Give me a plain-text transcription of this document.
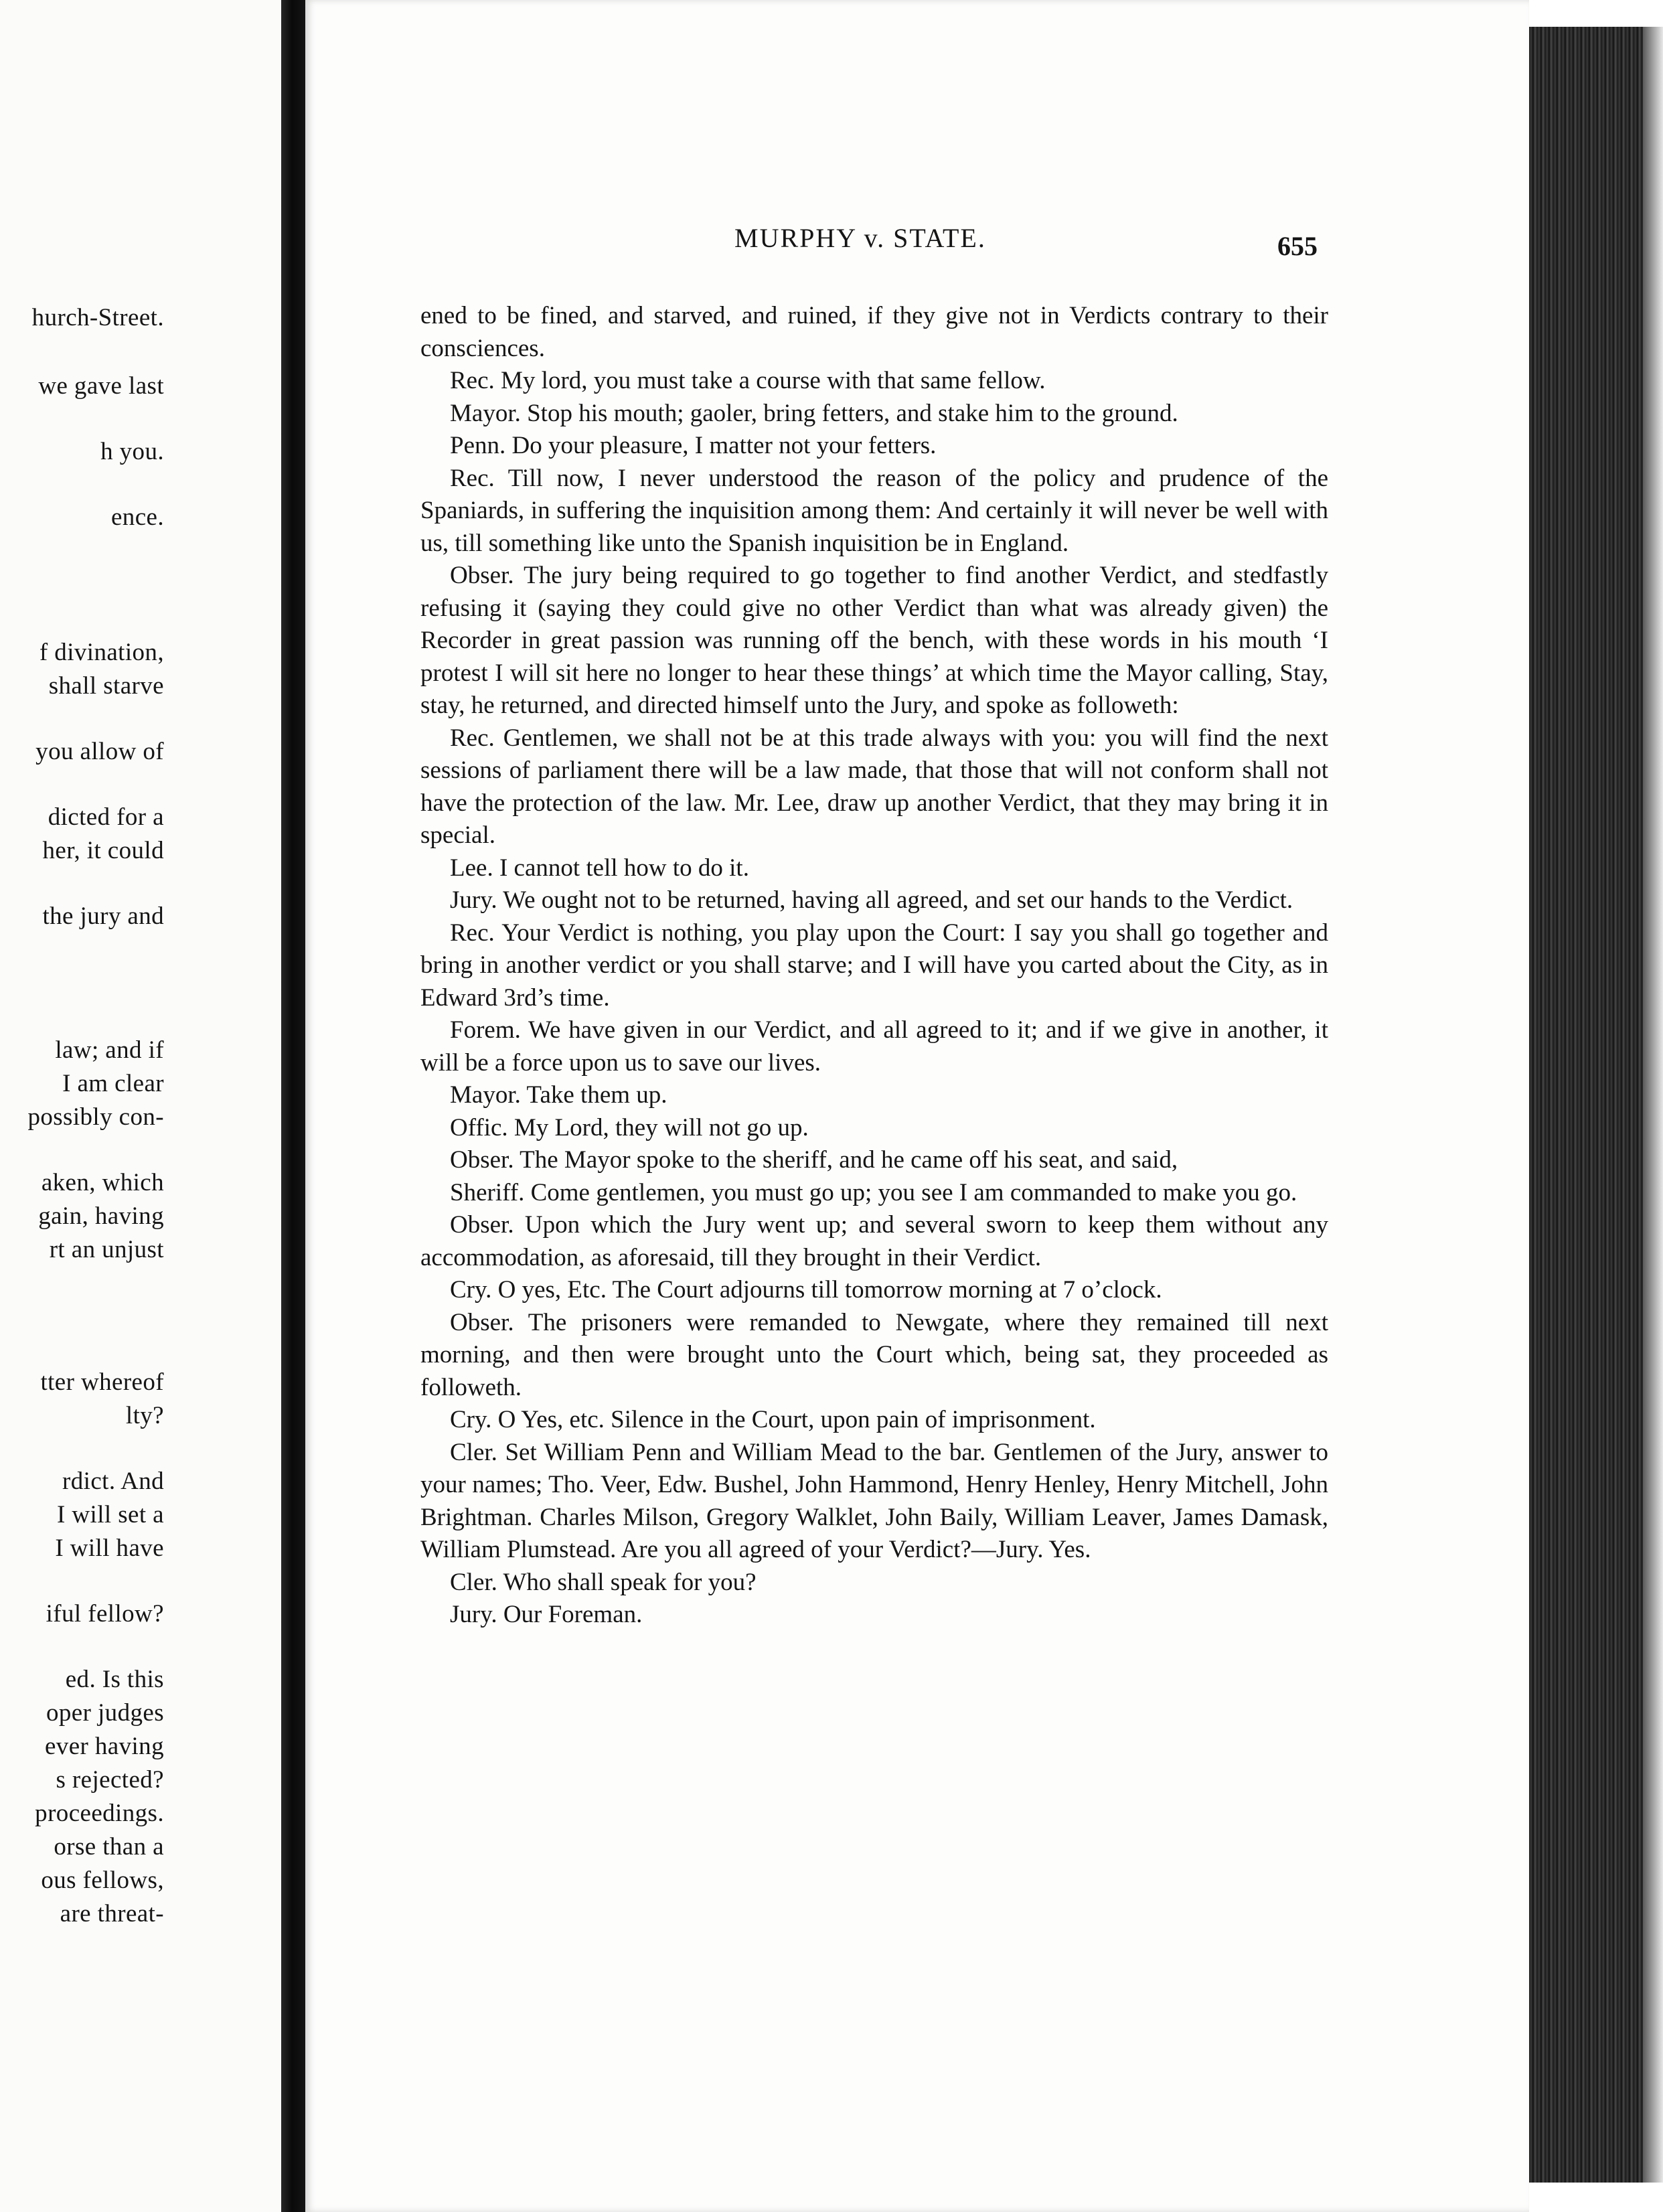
hurch-Street.
we gave last
h you.
ence.
f divination,
shall starve
you allow of
dicted for a
her, it could
the jury and
law; and if
I am clear
possibly con-
aken, which
gain, having
rt an unjust
tter whereof
lty?
rdict. And
I will set a
I will have
iful fellow?
ed. Is this
oper judges
ever having
s rejected?
proceedings.
orse than a
ous fellows,
are threat-
MURPHY v. STATE.	655

ened to be fined, and starved, and ruined, if they give not in Verdicts contrary to their consciences.

Rec. My lord, you must take a course with that same fellow.

Mayor. Stop his mouth; gaoler, bring fetters, and stake him to the ground.

Penn. Do your pleasure, I matter not your fetters.

Rec. Till now, I never understood the reason of the policy and prudence of the Spaniards, in suffering the inquisition among them: And certainly it will never be well with us, till something like unto the Spanish inquisition be in England.

Obser. The jury being required to go together to find another Verdict, and stedfastly refusing it (saying they could give no other Verdict than what was already given) the Recorder in great passion was running off the bench, with these words in his mouth ‘I protest I will sit here no longer to hear these things’ at which time the Mayor calling, Stay, stay, he returned, and directed himself unto the Jury, and spoke as followeth:

Rec. Gentlemen, we shall not be at this trade always with you: you will find the next sessions of parliament there will be a law made, that those that will not conform shall not have the protection of the law. Mr. Lee, draw up another Verdict, that they may bring it in special.

Lee. I cannot tell how to do it.

Jury. We ought not to be returned, having all agreed, and set our hands to the Verdict.

Rec. Your Verdict is nothing, you play upon the Court: I say you shall go together and bring in another verdict or you shall starve; and I will have you carted about the City, as in Edward 3rd’s time.

Forem. We have given in our Verdict, and all agreed to it; and if we give in another, it will be a force upon us to save our lives.

Mayor. Take them up.

Offic. My Lord, they will not go up.

Obser. The Mayor spoke to the sheriff, and he came off his seat, and said,

Sheriff. Come gentlemen, you must go up; you see I am commanded to make you go.

Obser. Upon which the Jury went up; and several sworn to keep them without any accommodation, as aforesaid, till they brought in their Verdict.

Cry. O yes, Etc. The Court adjourns till tomorrow morning at 7 o’clock.

Obser. The prisoners were remanded to Newgate, where they remained till next morning, and then were brought unto the Court which, being sat, they proceeded as followeth.

Cry. O Yes, etc. Silence in the Court, upon pain of imprisonment.

Cler. Set William Penn and William Mead to the bar. Gentlemen of the Jury, answer to your names; Tho. Veer, Edw. Bushel, John Hammond, Henry Henley, Henry Mitchell, John Brightman. Charles Milson, Gregory Walklet, John Baily, William Leaver, James Damask, William Plumstead. Are you all agreed of your Verdict?—Jury. Yes.

Cler. Who shall speak for you?

Jury. Our Foreman.
